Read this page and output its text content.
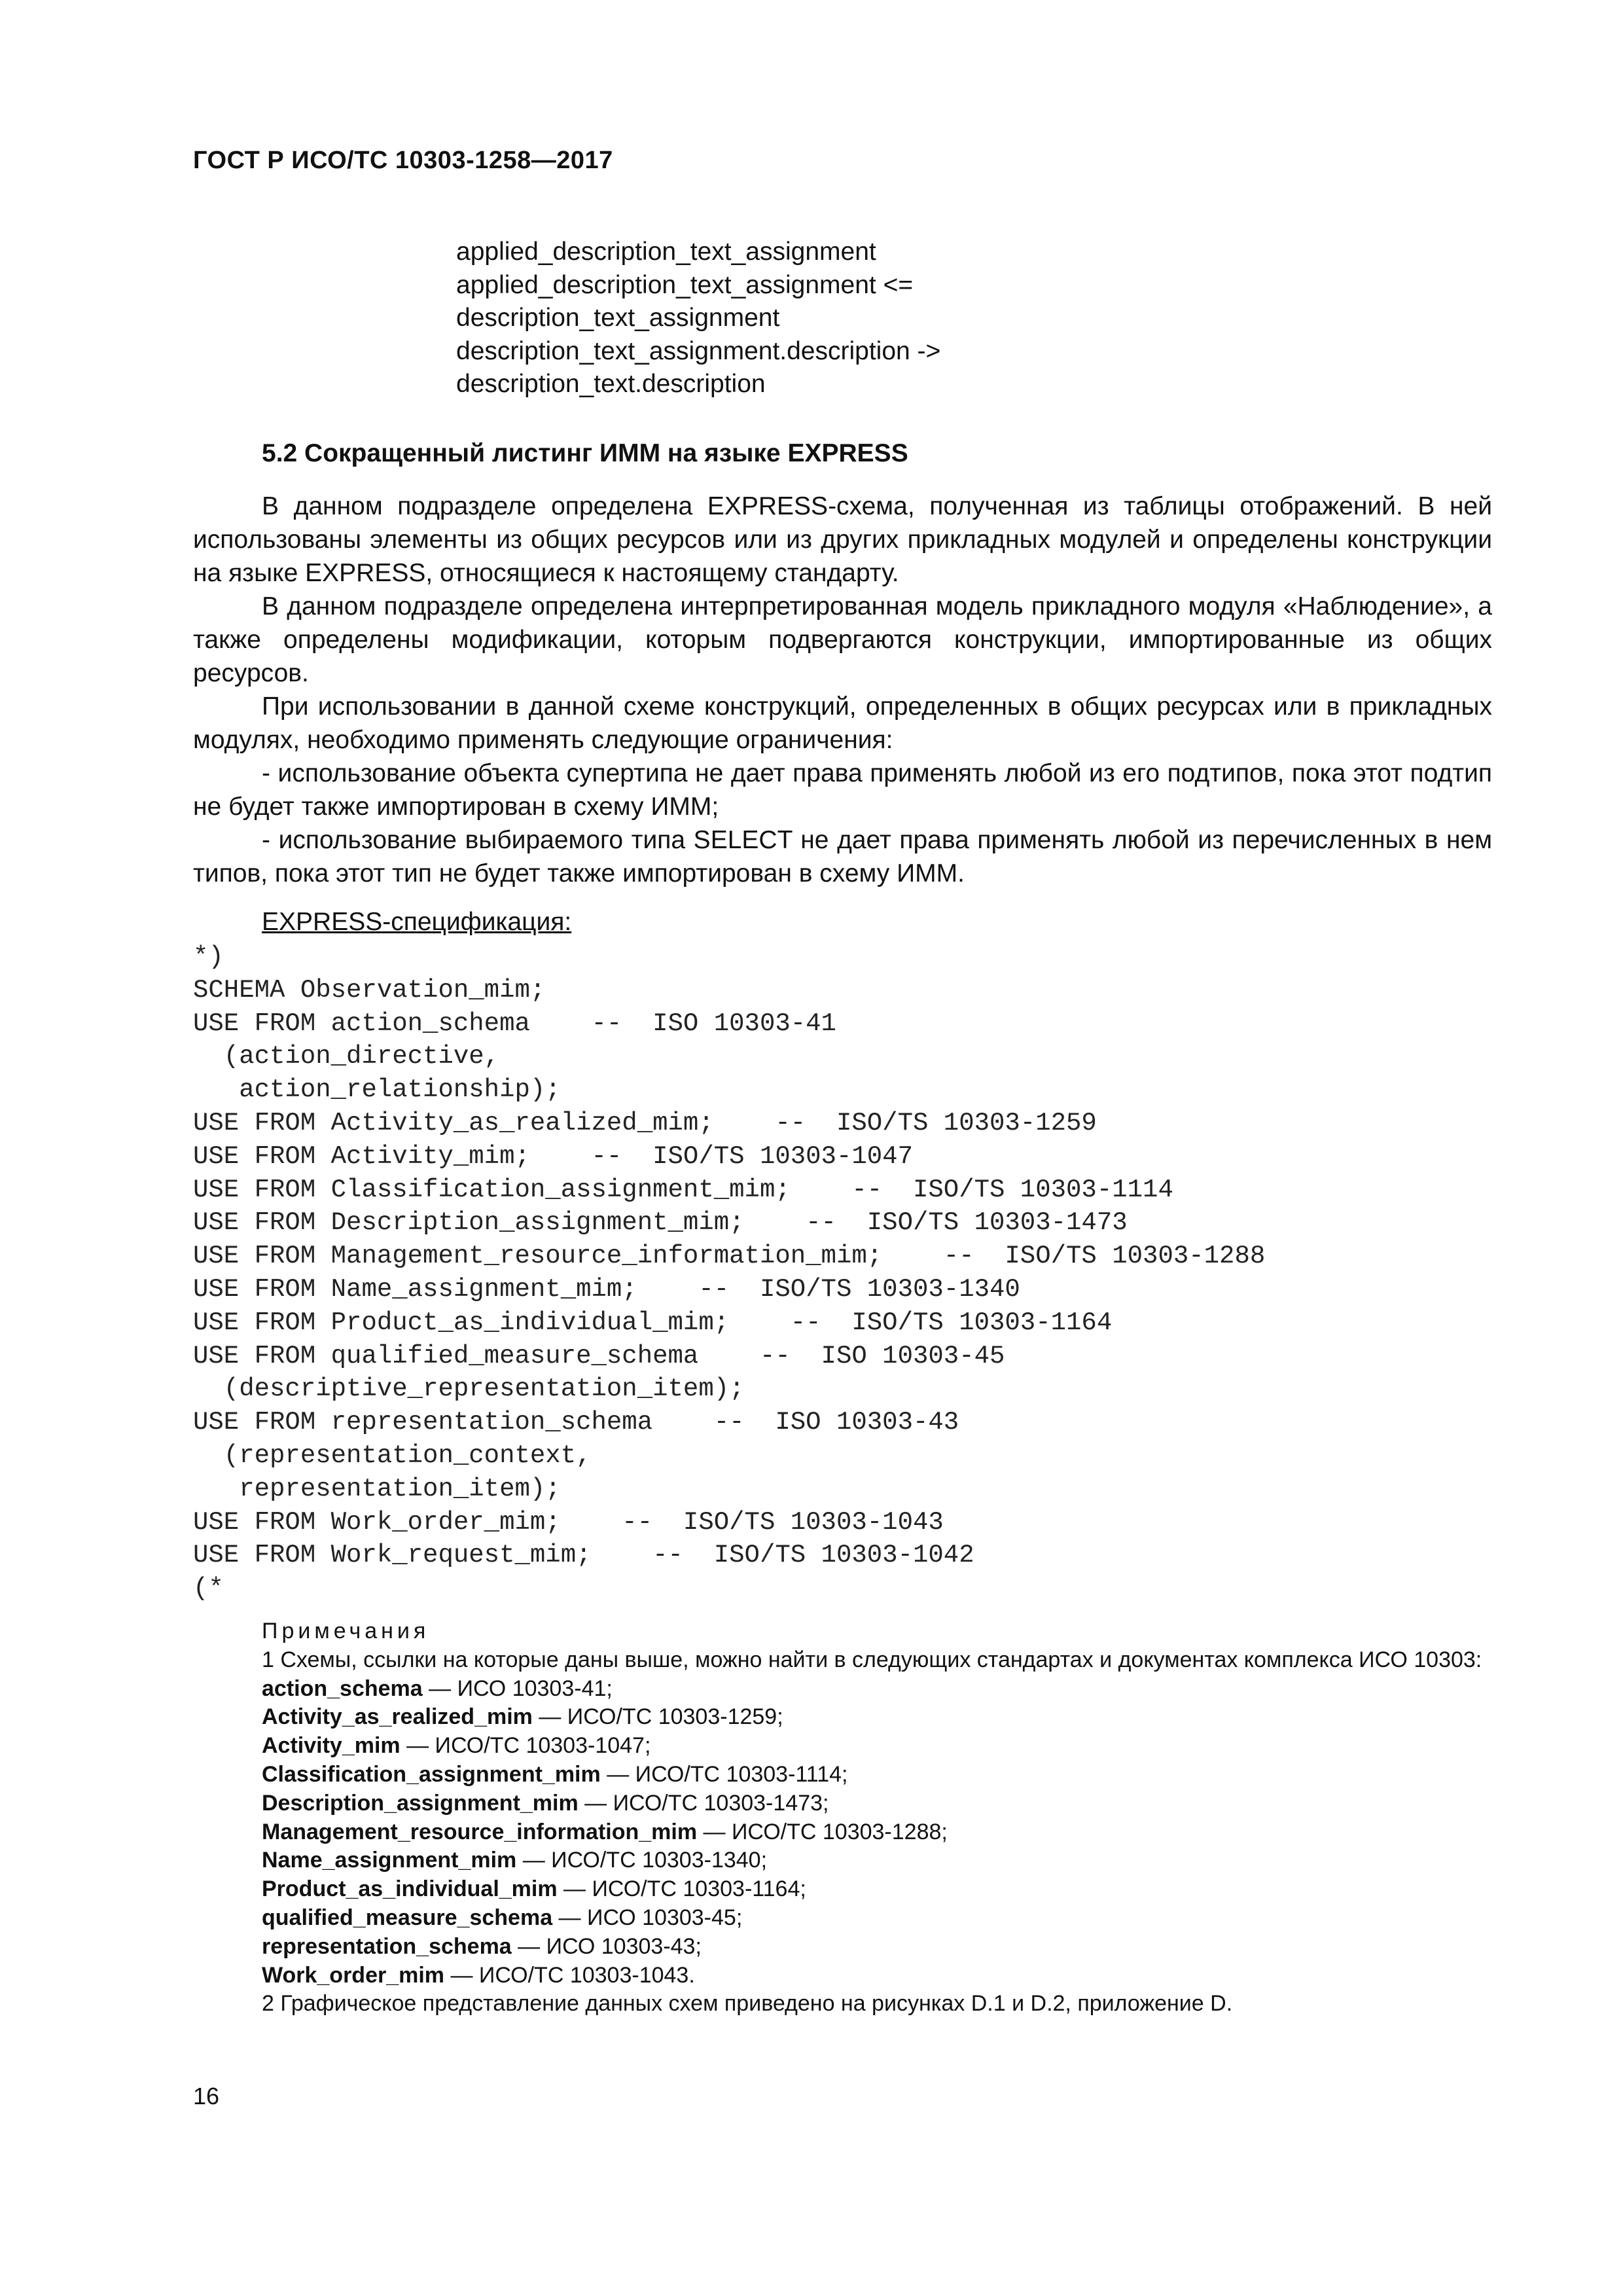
ГОСТ Р ИСО/ТС 10303-1258—2017
applied_description_text_assignment
applied_description_text_assignment <=
description_text_assignment
description_text_assignment.description ->
description_text.description
5.2 Сокращенный листинг ИММ на языке EXPRESS

В данном подразделе определена EXPRESS-схема, полученная из таблицы отображений. В ней использованы элементы из общих ресурсов или из других прикладных модулей и определены конструкции на языке EXPRESS, относящиеся к настоящему стандарту.

В данном подразделе определена интерпретированная модель прикладного модуля «Наблюдение», а также определены модификации, которым подвергаются конструкции, импортированные из общих ресурсов.

При использовании в данной схеме конструкций, определенных в общих ресурсах или в прикладных модулях, необходимо применять следующие ограничения:

- использование объекта супертипа не дает права применять любой из его подтипов, пока этот подтип не будет также импортирован в схему ИММ;

- использование выбираемого типа SELECT не дает права применять любой из перечисленных в нем типов, пока этот тип не будет также импортирован в схему ИММ.

EXPRESS-спецификация:
*)
SCHEMA Observation_mim;
USE FROM action_schema    --  ISO 10303-41
(action_directive,
action_relationship);
USE FROM Activity_as_realized_mim;    --  ISO/TS 10303-1259
USE FROM Activity_mim;    --  ISO/TS 10303-1047
USE FROM Classification_assignment_mim;    --  ISO/TS 10303-1114
USE FROM Description_assignment_mim;    --  ISO/TS 10303-1473
USE FROM Management_resource_information_mim;    --  ISO/TS 10303-1288
USE FROM Name_assignment_mim;    --  ISO/TS 10303-1340
USE FROM Product_as_individual_mim;    --  ISO/TS 10303-1164
USE FROM qualified_measure_schema    --  ISO 10303-45
(descriptive_representation_item);
USE FROM representation_schema    --  ISO 10303-43
(representation_context,
representation_item);
USE FROM Work_order_mim;    --  ISO/TS 10303-1043
USE FROM Work_request_mim;    --  ISO/TS 10303-1042
(*
Примечания
1 Схемы, ссылки на которые даны выше, можно найти в следующих стандартах и документах комплекса ИСО 10303:
action_schema — ИСО 10303-41;
Activity_as_realized_mim — ИСО/ТС 10303-1259;
Activity_mim — ИСО/ТС 10303-1047;
Classification_assignment_mim — ИСО/ТС 10303-1114;
Description_assignment_mim — ИСО/ТС 10303-1473;
Management_resource_information_mim — ИСО/ТС 10303-1288;
Name_assignment_mim — ИСО/ТС 10303-1340;
Product_as_individual_mim — ИСО/ТС 10303-1164;
qualified_measure_schema — ИСО 10303-45;
representation_schema — ИСО 10303-43;
Work_order_mim — ИСО/ТС 10303-1043.
2 Графическое представление данных схем приведено на рисунках D.1 и D.2, приложение D.
16
